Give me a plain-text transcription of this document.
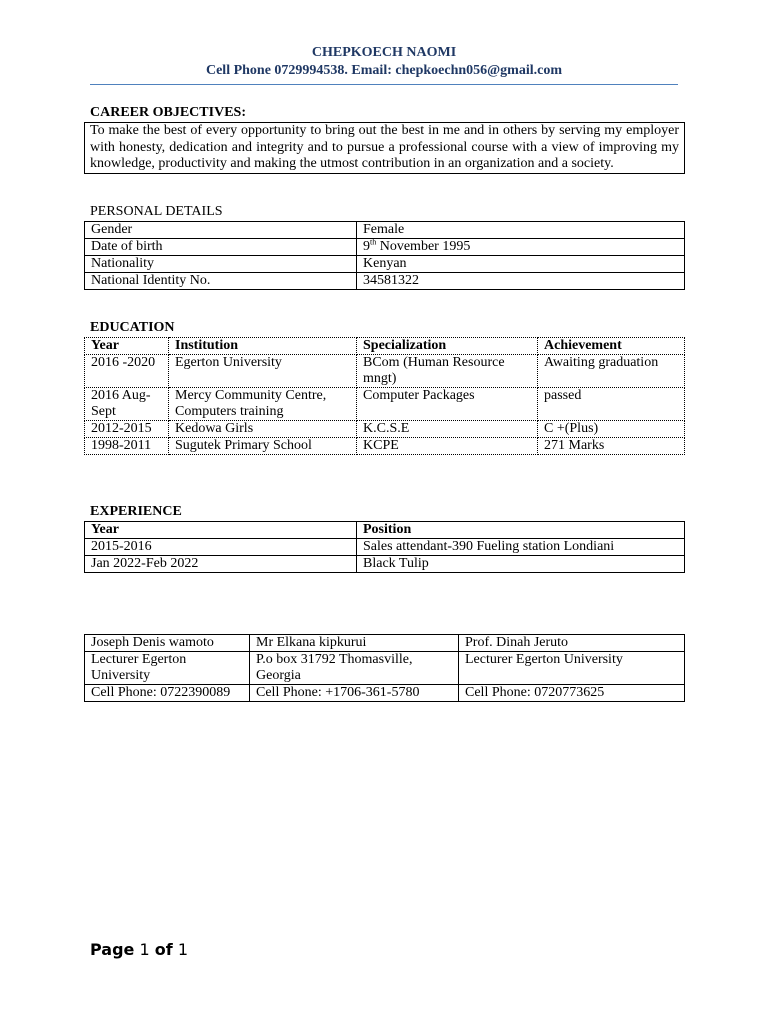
CHEPKOECH NAOMI
Cell Phone 0729994538. Email: chepkoechn056@gmail.com
CAREER OBJECTIVES:
To make the best of every opportunity to bring out the best in me and in others by serving my employer with honesty, dedication and integrity and to pursue a professional course with a view of improving my knowledge, productivity and making the utmost contribution in an organization and a society.
PERSONAL DETAILS
Gender	Female
Date of birth	9th November 1995
Nationality	Kenyan
National Identity No.	34581322
EDUCATION
Year	Institution	Specialization	Achievement
2016 -2020	Egerton University	BCom (Human Resource mngt)	Awaiting graduation
2016 Aug-Sept	Mercy Community Centre, Computers training	Computer Packages	passed
2012-2015	Kedowa Girls	K.C.S.E	C +(Plus)
1998-2011	Sugutek Primary School	KCPE	271 Marks
EXPERIENCE
Year	Position
2015-2016	Sales attendant-390 Fueling station Londiani
Jan 2022-Feb 2022	Black Tulip
Joseph Denis wamoto	Mr Elkana kipkurui	Prof. Dinah Jeruto
Lecturer Egerton University	P.o box 31792 Thomasville, Georgia	Lecturer Egerton University
Cell Phone: 0722390089	Cell Phone: +1706-361-5780	Cell Phone: 0720773625
Page 1 of 1
